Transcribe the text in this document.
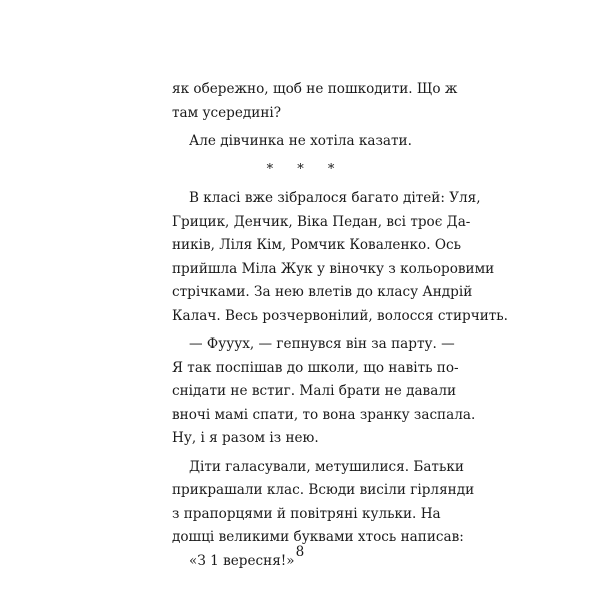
як обережно, щоб не пошкодити. Що ж
там усередині?
Але дівчинка не хотіла казати.
* * *
В класі вже зібралося багато дітей: Уля,
Грицик, Денчик, Віка Педан, всі троє Да-
ників, Ліля Кім, Ромчик Коваленко. Ось
прийшла Міла Жук у віночку з кольоровими
стрічками. За нею влетів до класу Андрій
Калач. Весь розчервонілий, волосся стирчить.
— Фууух, — гепнувся він за парту. —
Я так поспішав до школи, що навіть по-
снідати не встиг. Малі брати не давали
вночі мамі спати, то вона зранку заспала.
Ну, і я разом із нею.
Діти галасували, метушилися. Батьки
прикрашали клас. Всюди висіли гірлянди
з прапорцями й повітряні кульки. На
дошці великими буквами хтось написав:
«З 1 вересня!»
8
